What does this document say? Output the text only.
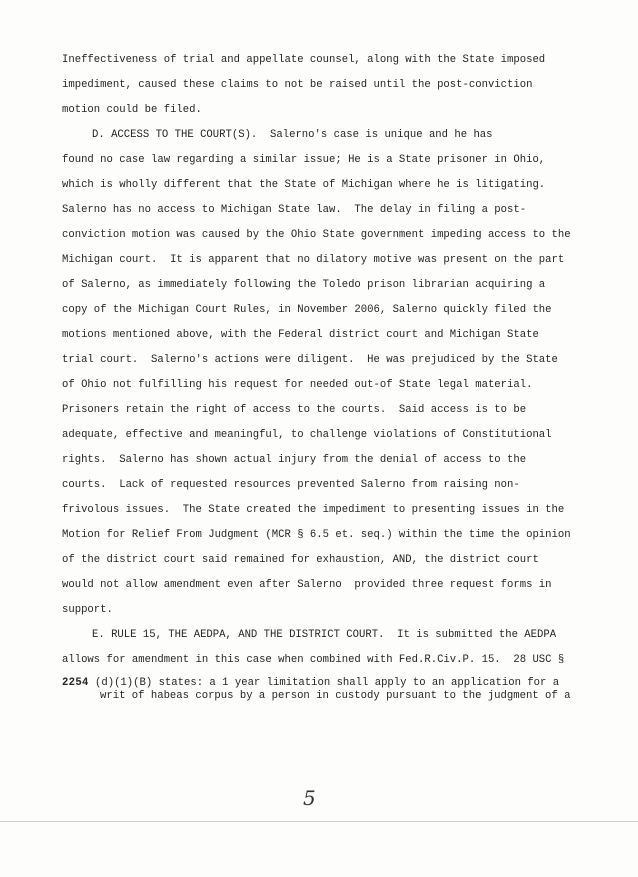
Ineffectiveness of trial and appellate counsel, along with the State imposed
impediment, caused these claims to not be raised until the post-conviction
motion could be filed.
D. ACCESS TO THE COURT(S).  Salerno's case is unique and he has
found no case law regarding a similar issue; He is a State prisoner in Ohio,
which is wholly different that the State of Michigan where he is litigating.
Salerno has no access to Michigan State law.  The delay in filing a post-
conviction motion was caused by the Ohio State government impeding access to the
Michigan court.  It is apparent that no dilatory motive was present on the part
of Salerno, as immediately following the Toledo prison librarian acquiring a
copy of the Michigan Court Rules, in November 2006, Salerno quickly filed the
motions mentioned above, with the Federal district court and Michigan State
trial court.  Salerno's actions were diligent.  He was prejudiced by the State
of Ohio not fulfilling his request for needed out-of State legal material.
Prisoners retain the right of access to the courts.  Said access is to be
adequate, effective and meaningful, to challenge violations of Constitutional
rights.  Salerno has shown actual injury from the denial of access to the
courts.  Lack of requested resources prevented Salerno from raising non-
frivolous issues.  The State created the impediment to presenting issues in the
Motion for Relief From Judgment (MCR § 6.5 et. seq.) within the time the opinion
of the district court said remained for exhaustion, AND, the district court
would not allow amendment even after Salerno  provided three request forms in
support.
E. RULE 15, THE AEDPA, AND THE DISTRICT COURT.  It is submitted the AEDPA
allows for amendment in this case when combined with Fed.R.Civ.P. 15.  28 USC §
2254 (d)(1)(B) states: a 1 year limitation shall apply to an application for a
writ of habeas corpus by a person in custody pursuant to the judgment of a
5
